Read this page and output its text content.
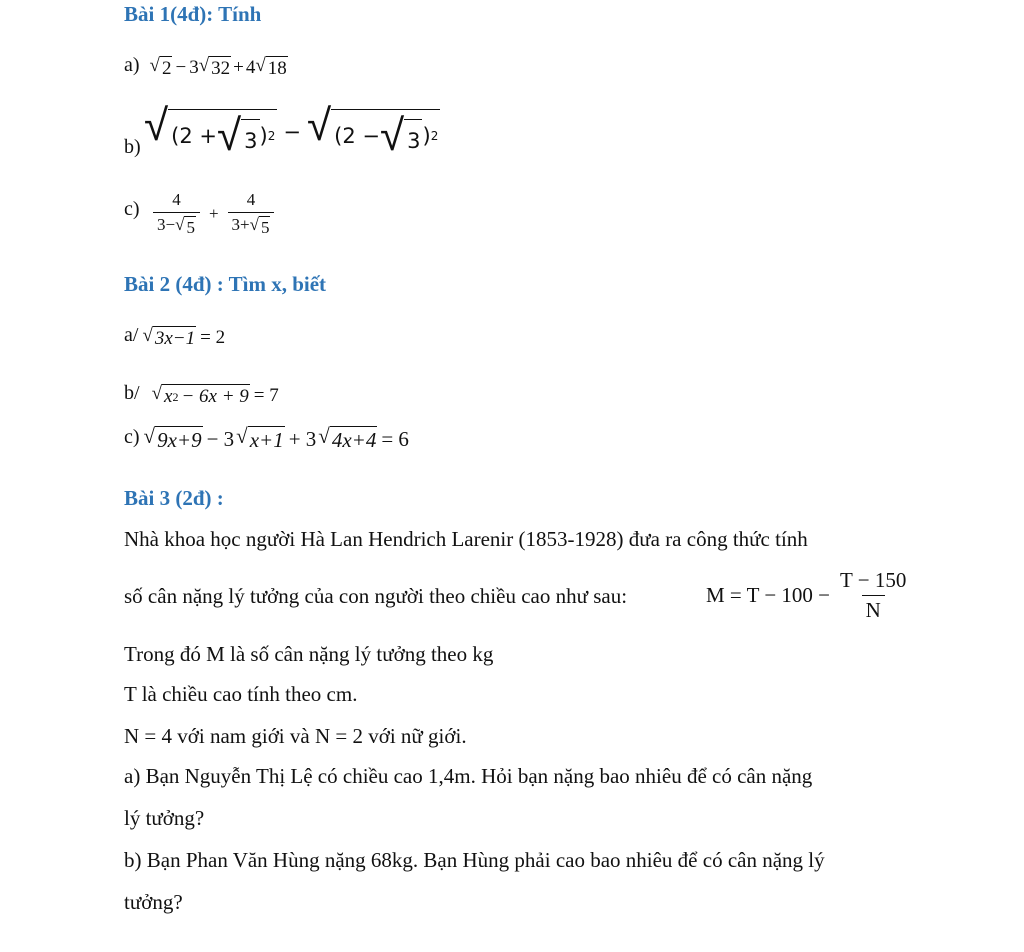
Bài 1(4đ): Tính
a) √ 2 − 3 √ 32 + 4 √ 18
b) √ (2 + √ 3 ) 2 − √ (2 − √ 3 ) 2
$c) \frac{4}{3- √ 5} + \frac{4}{3+ √ 5}$
Bài 2 (4đ) : Tìm x, biết
a/ √ 3x−1 = 2
b/ √ x 2 − 6x + 9 = 7
c) √ 9x+9 − 3 √ x+1 + 3 √ 4x+4 = 6
Bài 3 (2đ) :
Nhà khoa học người Hà Lan Hendrich Larenir (1853-1928) đưa ra công thức tính
số cân nặng lý tưởng của con người theo chiều cao như sau:	$M = T - 100 - \frac{T - 150}{N}$
Trong đó M là số cân nặng lý tưởng theo kg
T là chiều cao tính theo cm.
N = 4 với nam giới và N = 2 với nữ giới.
a) Bạn Nguyễn Thị Lệ có chiều cao 1,4m. Hỏi bạn nặng bao nhiêu để có cân nặng
lý tưởng?
b) Bạn Phan Văn Hùng nặng 68kg. Bạn Hùng phải cao bao nhiêu để có cân nặng lý
tưởng?
